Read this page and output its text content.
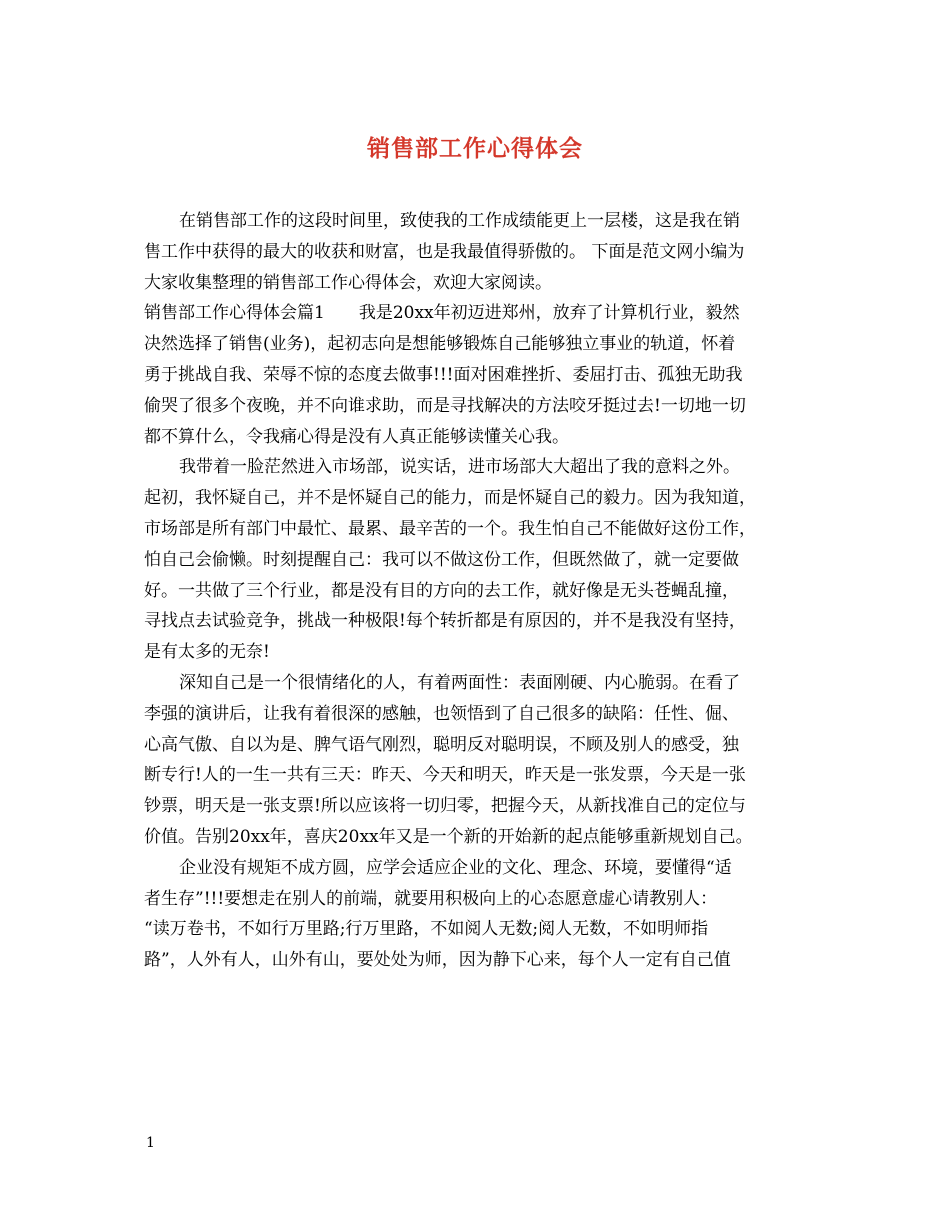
销售部工作心得体会
在销售部工作的这段时间里，致使我的工作成绩能更上一层楼，这是我在销
售工作中获得的最大的收获和财富，也是我最值得骄傲的。 下面是范文网小编为
大家收集整理的销售部工作心得体会，欢迎大家阅读。
销售部工作心得体会篇1　　我是20xx年初迈进郑州，放弃了计算机行业，毅然
决然选择了销售(业务)，起初志向是想能够锻炼自己能够独立事业的轨道，怀着
勇于挑战自我、荣辱不惊的态度去做事!!!面对困难挫折、委屈打击、孤独无助我
偷哭了很多个夜晚，并不向谁求助，而是寻找解决的方法咬牙挺过去!一切地一切
都不算什么，令我痛心得是没有人真正能够读懂关心我。
我带着一脸茫然进入市场部，说实话，进市场部大大超出了我的意料之外。
起初，我怀疑自己，并不是怀疑自己的能力，而是怀疑自己的毅力。因为我知道，
市场部是所有部门中最忙、最累、最辛苦的一个。我生怕自己不能做好这份工作，
怕自己会偷懒。时刻提醒自己：我可以不做这份工作，但既然做了，就一定要做
好。一共做了三个行业，都是没有目的方向的去工作，就好像是无头苍蝇乱撞，
寻找点去试验竞争，挑战一种极限!每个转折都是有原因的，并不是我没有坚持，
是有太多的无奈!
深知自己是一个很情绪化的人，有着两面性：表面刚硬、内心脆弱。在看了
李强的演讲后，让我有着很深的感触，也领悟到了自己很多的缺陷：任性、倔、
心高气傲、自以为是、脾气语气刚烈，聪明反对聪明误，不顾及别人的感受，独
断专行!人的一生一共有三天：昨天、今天和明天，昨天是一张发票，今天是一张
钞票，明天是一张支票!所以应该将一切归零，把握今天，从新找准自己的定位与
价值。告别20xx年，喜庆20xx年又是一个新的开始新的起点能够重新规划自己。
企业没有规矩不成方圆，应学会适应企业的文化、理念、环境，要懂得“适
者生存”!!!要想走在别人的前端，就要用积极向上的心态愿意虚心请教别人：
“读万卷书，不如行万里路;行万里路，不如阅人无数;阅人无数，不如明师指
路”，人外有人，山外有山，要处处为师，因为静下心来，每个人一定有自己值
1
